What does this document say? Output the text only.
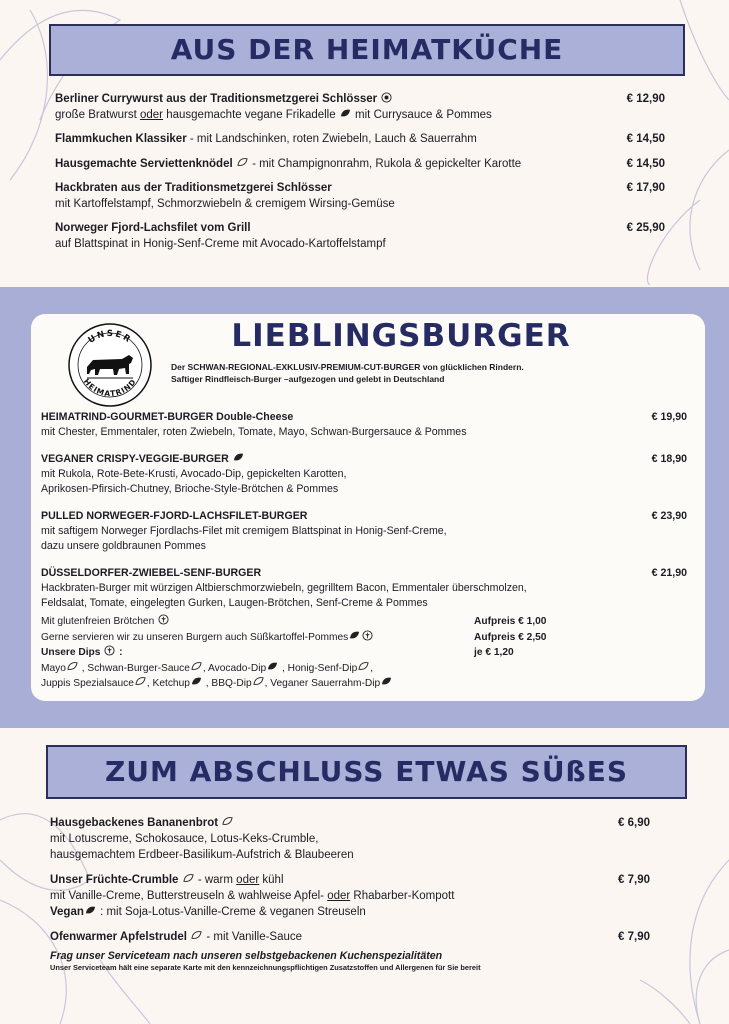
AUS DER HEIMATKÜCHE
Berliner Currywurst aus der Traditionsmetzgerei Schlösser	€ 12,90

große Bratwurst oder hausgemachte vegane Frikadelle  mit Currysauce & Pommes
Flammkuchen Klassiker - mit Landschinken, roten Zwiebeln, Lauch & Sauerrahm	€ 14,50
Hausgemachte Serviettenknödel  - mit Champignonrahm, Rukola & gepickelter Karotte	€ 14,50
Hackbraten aus der Traditionsmetzgerei Schlösser	€ 17,90

mit Kartoffelstampf, Schmorzwiebeln & cremigem Wirsing-Gemüse
Norweger Fjord-Lachsfilet vom Grill	€ 25,90

auf Blattspinat in Honig-Senf-Creme mit Avocado-Kartoffelstampf
UNSER
HEIMATRIND
LIEBLINGSBURGER
Der SCHWAN-REGIONAL-EXKLUSIV-PREMIUM-CUT-BURGER von glücklichen Rindern.
Saftiger Rindfleisch-Burger –aufgezogen und gelebt in Deutschland
HEIMATRIND-GOURMET-BURGER Double-Cheese	€ 19,90

mit Chester, Emmentaler, roten Zwiebeln, Tomate, Mayo, Schwan-Burgersauce & Pommes
VEGANER CRISPY-VEGGIE-BURGER	€ 18,90

mit Rukola, Rote-Bete-Krusti, Avocado-Dip, gepickelten Karotten,
Aprikosen-Pfirsich-Chutney, Brioche-Style-Brötchen & Pommes
PULLED NORWEGER-FJORD-LACHSFILET-BURGER	€ 23,90

mit saftigem Norweger Fjordlachs-Filet mit cremigem Blattspinat in Honig-Senf-Creme,
dazu unsere goldbraunen Pommes
DÜSSELDORFER-ZWIEBEL-SENF-BURGER	€ 21,90

Hackbraten-Burger mit würzigen Altbierschmorzwiebeln, gegrilltem Bacon, Emmentaler überschmolzen,
Feldsalat, Tomate, eingelegten Gurken, Laugen-Brötchen, Senf-Creme & Pommes
Mit glutenfreien Brötchen	Aufpreis € 1,00
Gerne servieren wir zu unseren Burgern auch Süßkartoffel-Pommes	Aufpreis € 2,50
Unsere Dips  :	je € 1,20
Mayo , Schwan-Burger-Sauce , Avocado-Dip , Honig-Senf-Dip ,
Juppis Spezialsauce , Ketchup , BBQ-Dip , Veganer Sauerrahm-Dip
ZUM ABSCHLUSS ETWAS SÜßES
Hausgebackenes Bananenbrot	€ 6,90

mit Lotuscreme, Schokosauce, Lotus-Keks-Crumble,
hausgemachtem Erdbeer-Basilikum-Aufstrich & Blaubeeren
Unser Früchte-Crumble  - warm oder kühl	€ 7,90

mit Vanille-Creme, Butterstreuseln & wahlweise Apfel- oder Rhabarber-Kompott
Vegan : mit Soja-Lotus-Vanille-Creme & veganen Streuseln
Ofenwarmer Apfelstrudel  - mit Vanille-Sauce	€ 7,90
Frag unser Serviceteam nach unseren selbstgebackenen Kuchenspezialitäten
Unser Serviceteam hält eine separate Karte mit den kennzeichnungspflichtigen Zusatzstoffen und Allergenen für Sie bereit
